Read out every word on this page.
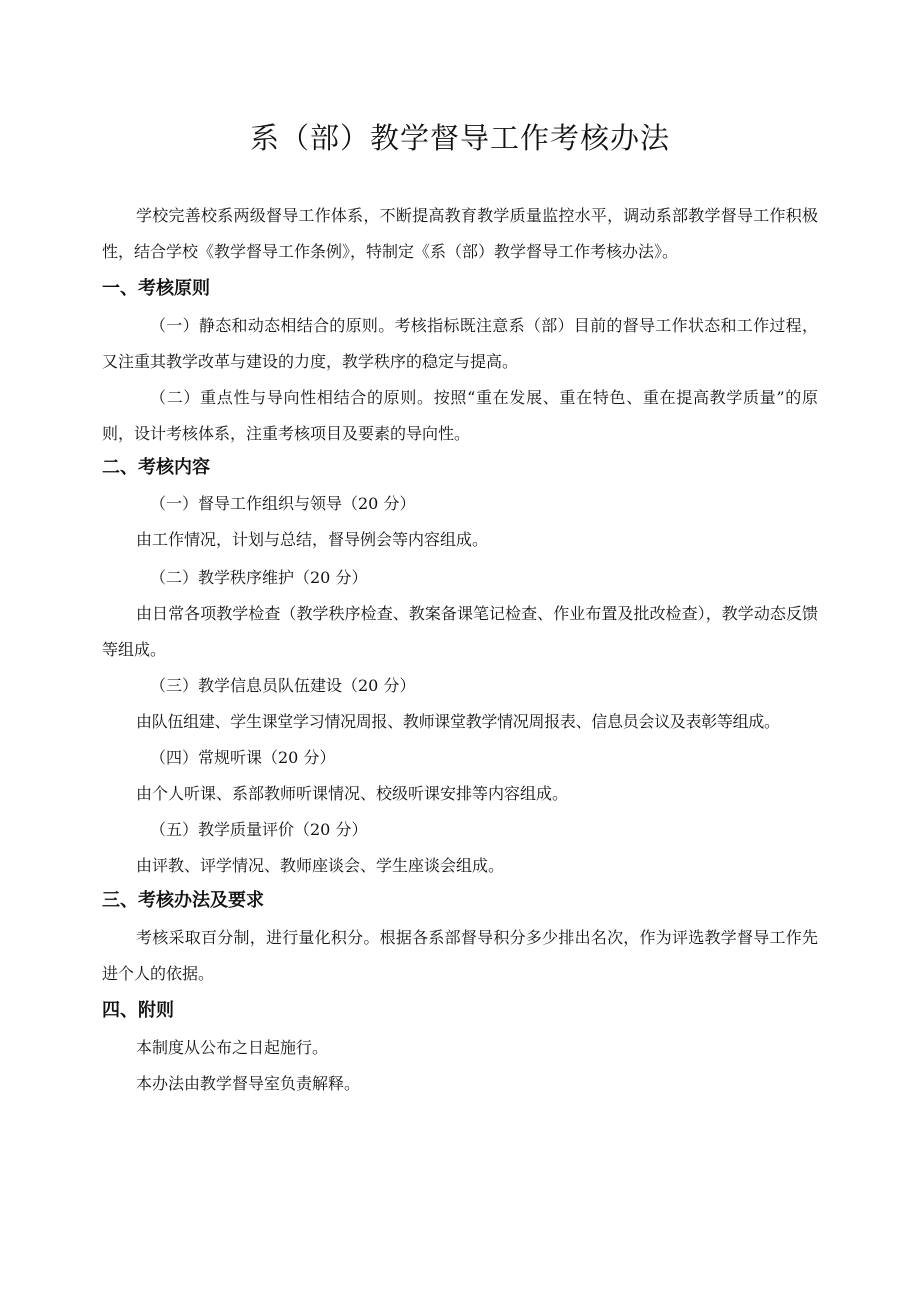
系（部）教学督导工作考核办法
学校完善校系两级督导工作体系，不断提高教育教学质量监控水平，调动系部教学督导工作积极性，结合学校《教学督导工作条例》，特制定《系（部）教学督导工作考核办法》。
一、考核原则
（一）静态和动态相结合的原则。考核指标既注意系（部）目前的督导工作状态和工作过程，又注重其教学改革与建设的力度，教学秩序的稳定与提高。
（二）重点性与导向性相结合的原则。按照“重在发展、重在特色、重在提高教学质量”的原则，设计考核体系，注重考核项目及要素的导向性。
二、考核内容
（一）督导工作组织与领导（20 分）
由工作情况，计划与总结，督导例会等内容组成。
（二）教学秩序维护（20 分）
由日常各项教学检查（教学秩序检查、教案备课笔记检查、作业布置及批改检查），教学动态反馈等组成。
（三）教学信息员队伍建设（20 分）
由队伍组建、学生课堂学习情况周报、教师课堂教学情况周报表、信息员会议及表彰等组成。
（四）常规听课（20 分）
由个人听课、系部教师听课情况、校级听课安排等内容组成。
（五）教学质量评价（20 分）
由评教、评学情况、教师座谈会、学生座谈会组成。
三、考核办法及要求
考核采取百分制，进行量化积分。根据各系部督导积分多少排出名次，作为评选教学督导工作先进个人的依据。
四、附则
本制度从公布之日起施行。
本办法由教学督导室负责解释。
